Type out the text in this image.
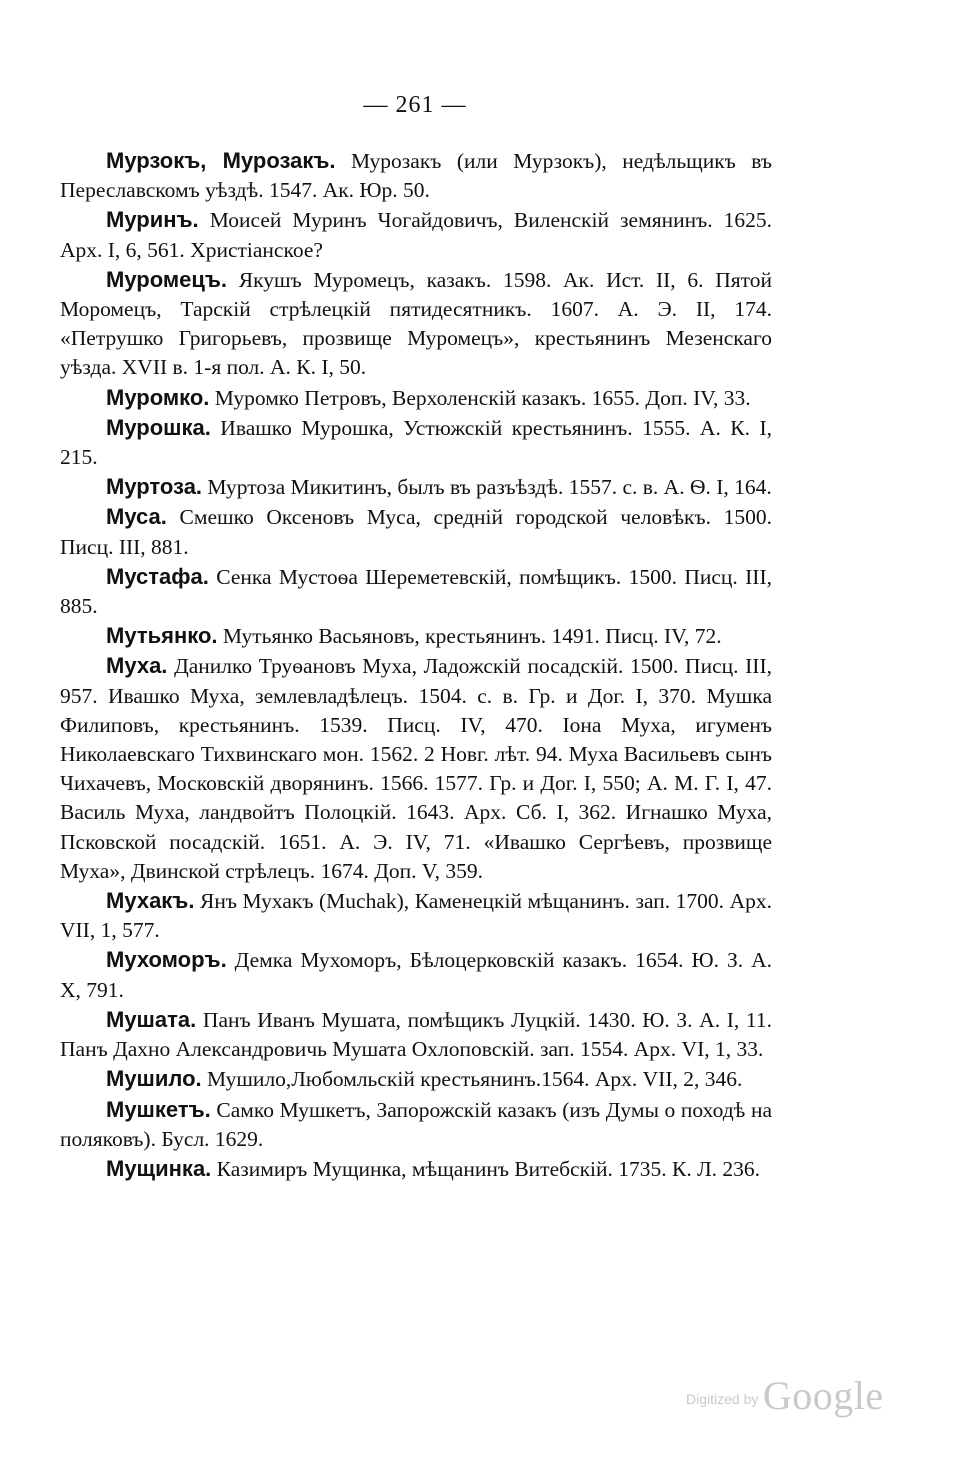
— 261 —

Мурзокъ, Мурозакъ. Мурозакъ (или Мурзокъ), недѣльщикъ въ Переславскомъ уѣздѣ. 1547. Ак. Юр. 50.

Муринъ. Моисей Муринъ Чогайдовичъ, Виленскій земянинъ. 1625. Арх. I, 6, 561. Христіанское?

Муромецъ. Якушъ Муромецъ, казакъ. 1598. Ак. Ист. II, 6. Пятой Моромецъ, Тарскій стрѣлецкій пятидесятникъ. 1607. А. Э. II, 174. «Петрушко Григорьевъ, прозвище Муромецъ», крестьянинъ Мезенскаго уѣзда. XVII в. 1-я пол. А. К. I, 50.

Муромко. Муромко Петровъ, Верхоленскій казакъ. 1655. Доп. IV, 33.

Мурошка. Ивашко Мурошка, Устюжскій крестьянинъ. 1555. А. К. I, 215.

Муртоза. Муртоза Микитинъ, былъ въ разъѣздѣ. 1557. с. в. А. Ѳ. I, 164.

Муса. Смешко Оксеновъ Муса, средній городской человѣкъ. 1500. Писц. III, 881.

Мустафа. Сенка Мустоѳа Шереметевскій, помѣщикъ. 1500. Писц. III, 885.

Мутьянко. Мутьянко Васьяновъ, крестьянинъ. 1491. Писц. IV, 72.

Муха. Данилко Труѳановъ Муха, Ладожскій посадскій. 1500. Писц. III, 957. Ивашко Муха, землевладѣлецъ. 1504. с. в. Гр. и Дог. I, 370. Мушка Филиповъ, крестьянинъ. 1539. Писц. IV, 470. Іона Муха, игуменъ Николаевскаго Тихвинскаго мон. 1562. 2 Новг. лѣт. 94. Муха Васильевъ сынъ Чихачевъ, Московскій дворянинъ. 1566. 1577. Гр. и Дог. I, 550; А. М. Г. I, 47. Василь Муха, ландвойтъ Полоцкій. 1643. Арх. Сб. I, 362. Игнашко Муха, Псковской посадскій. 1651. А. Э. IV, 71. «Ивашко Сергѣевъ, прозвище Муха», Двинской стрѣлецъ. 1674. Доп. V, 359.

Мухакъ. Янъ Мухакъ (Muchak), Каменецкій мѣщанинъ. зап. 1700. Арх. VII, 1, 577.

Мухоморъ. Демка Мухоморъ, Бѣлоцерковскій казакъ. 1654. Ю. З. А. X, 791.

Мушата. Панъ Иванъ Мушата, помѣщикъ Луцкій. 1430. Ю. З. А. I, 11. Панъ Дахно Александровичь Мушата Охлоповскій. зап. 1554. Арх. VI, 1, 33.

Мушило. Мушило,Любомльскій крестьянинъ.1564. Арх. VII, 2, 346.

Мушкетъ. Самко Мушкетъ, Запорожскій казакъ (изъ Думы о походѣ на поляковъ). Бусл. 1629.

Мущинка. Казимиръ Мущинка, мѣщанинъ Витебскій. 1735. К. Л. 236.

Digitized by Google
